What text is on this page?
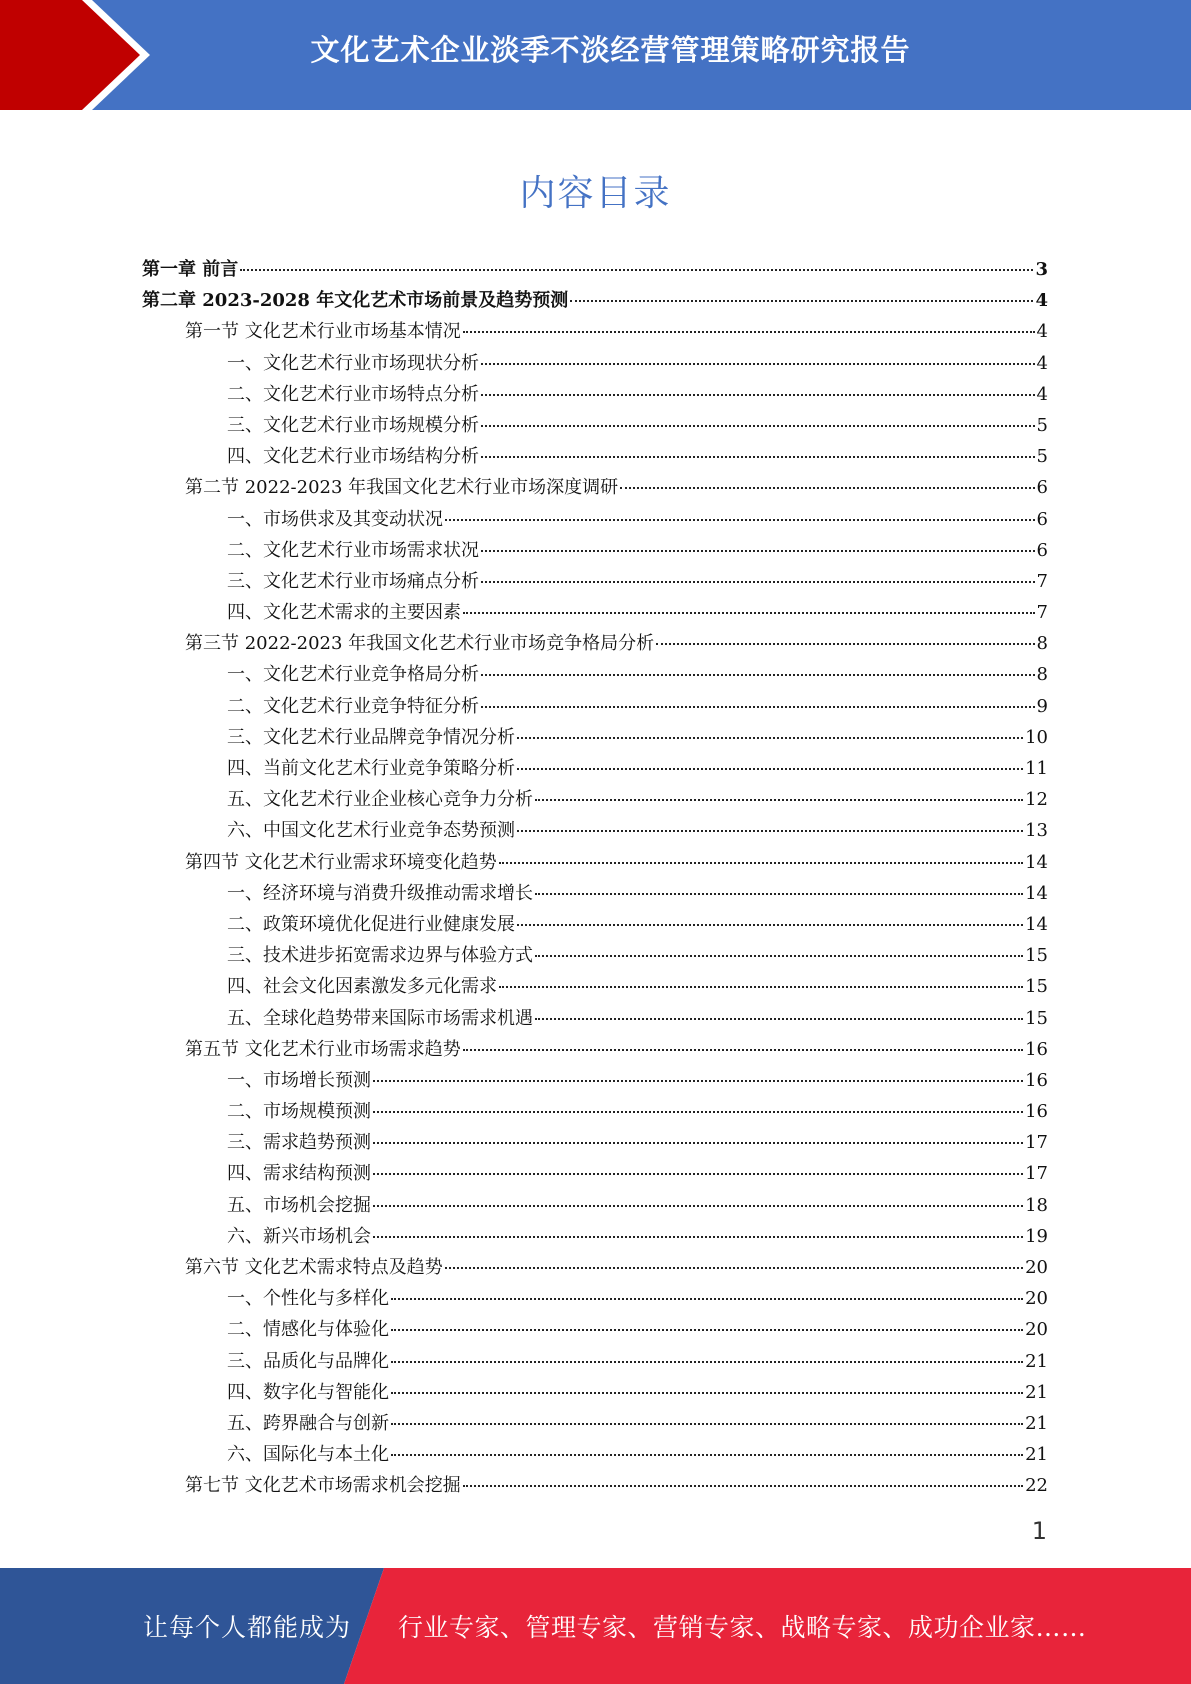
文化艺术企业淡季不淡经营管理策略研究报告
内容目录
第一章 前言	3
第二章 2023-2028 年文化艺术市场前景及趋势预测	4
第一节 文化艺术行业市场基本情况	4
一、文化艺术行业市场现状分析	4
二、文化艺术行业市场特点分析	4
三、文化艺术行业市场规模分析	5
四、文化艺术行业市场结构分析	5
第二节 2022-2023 年我国文化艺术行业市场深度调研	6
一、市场供求及其变动状况	6
二、文化艺术行业市场需求状况	6
三、文化艺术行业市场痛点分析	7
四、文化艺术需求的主要因素	7
第三节 2022-2023 年我国文化艺术行业市场竞争格局分析	8
一、文化艺术行业竞争格局分析	8
二、文化艺术行业竞争特征分析	9
三、文化艺术行业品牌竞争情况分析	10
四、当前文化艺术行业竞争策略分析	11
五、文化艺术行业企业核心竞争力分析	12
六、中国文化艺术行业竞争态势预测	13
第四节 文化艺术行业需求环境变化趋势	14
一、经济环境与消费升级推动需求增长	14
二、政策环境优化促进行业健康发展	14
三、技术进步拓宽需求边界与体验方式	15
四、社会文化因素激发多元化需求	15
五、全球化趋势带来国际市场需求机遇	15
第五节 文化艺术行业市场需求趋势	16
一、市场增长预测	16
二、市场规模预测	16
三、需求趋势预测	17
四、需求结构预测	17
五、市场机会挖掘	18
六、新兴市场机会	19
第六节 文化艺术需求特点及趋势	20
一、个性化与多样化	20
二、情感化与体验化	20
三、品质化与品牌化	21
四、数字化与智能化	21
五、跨界融合与创新	21
六、国际化与本土化	21
第七节 文化艺术市场需求机会挖掘	22
1
让每个人都能成为 行业专家、管理专家、营销专家、战略专家、成功企业家……
